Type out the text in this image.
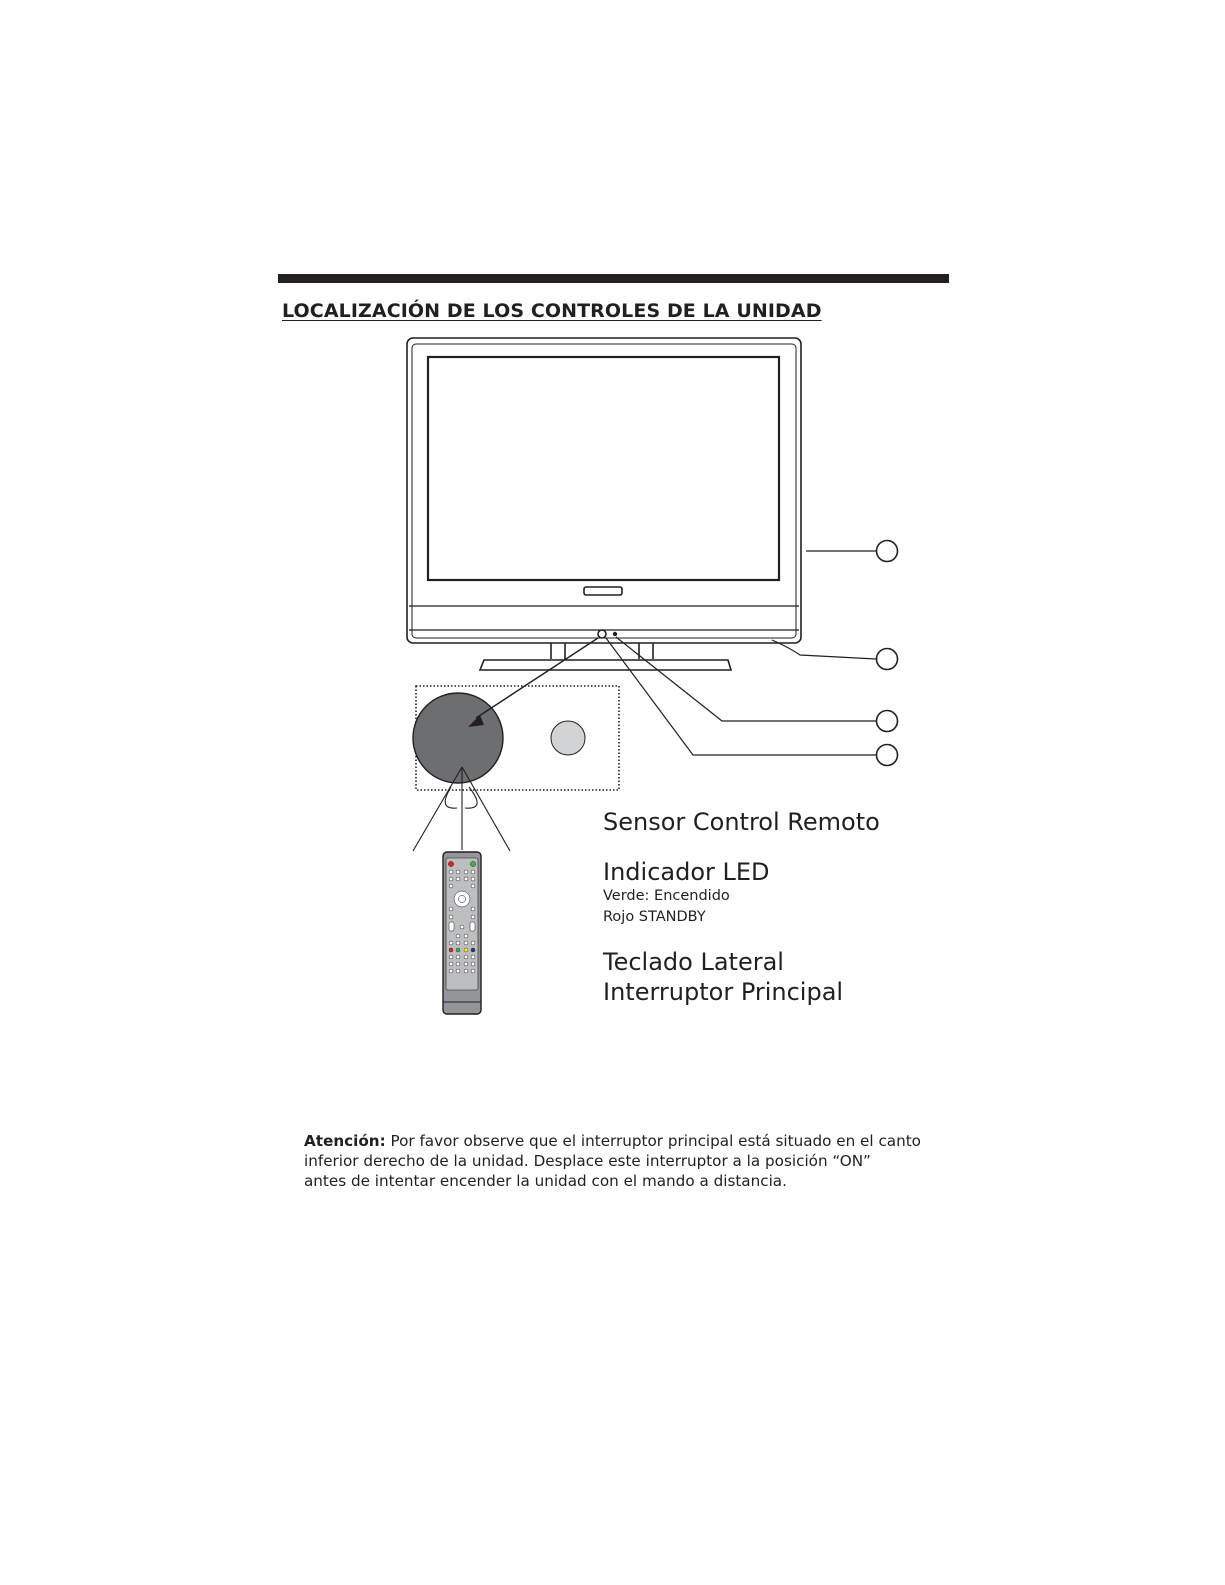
LOCALIZACIÓN DE LOS CONTROLES DE LA UNIDAD
Sensor Control Remoto
Indicador LED
Verde: Encendido
Rojo STANDBY
Teclado Lateral
Interruptor Principal

Atención: Por favor observe que el interruptor principal está situado en el canto

inferior derecho de la unidad. Desplace este interruptor a la posición “ON”

antes de intentar encender la unidad con el mando a distancia.
